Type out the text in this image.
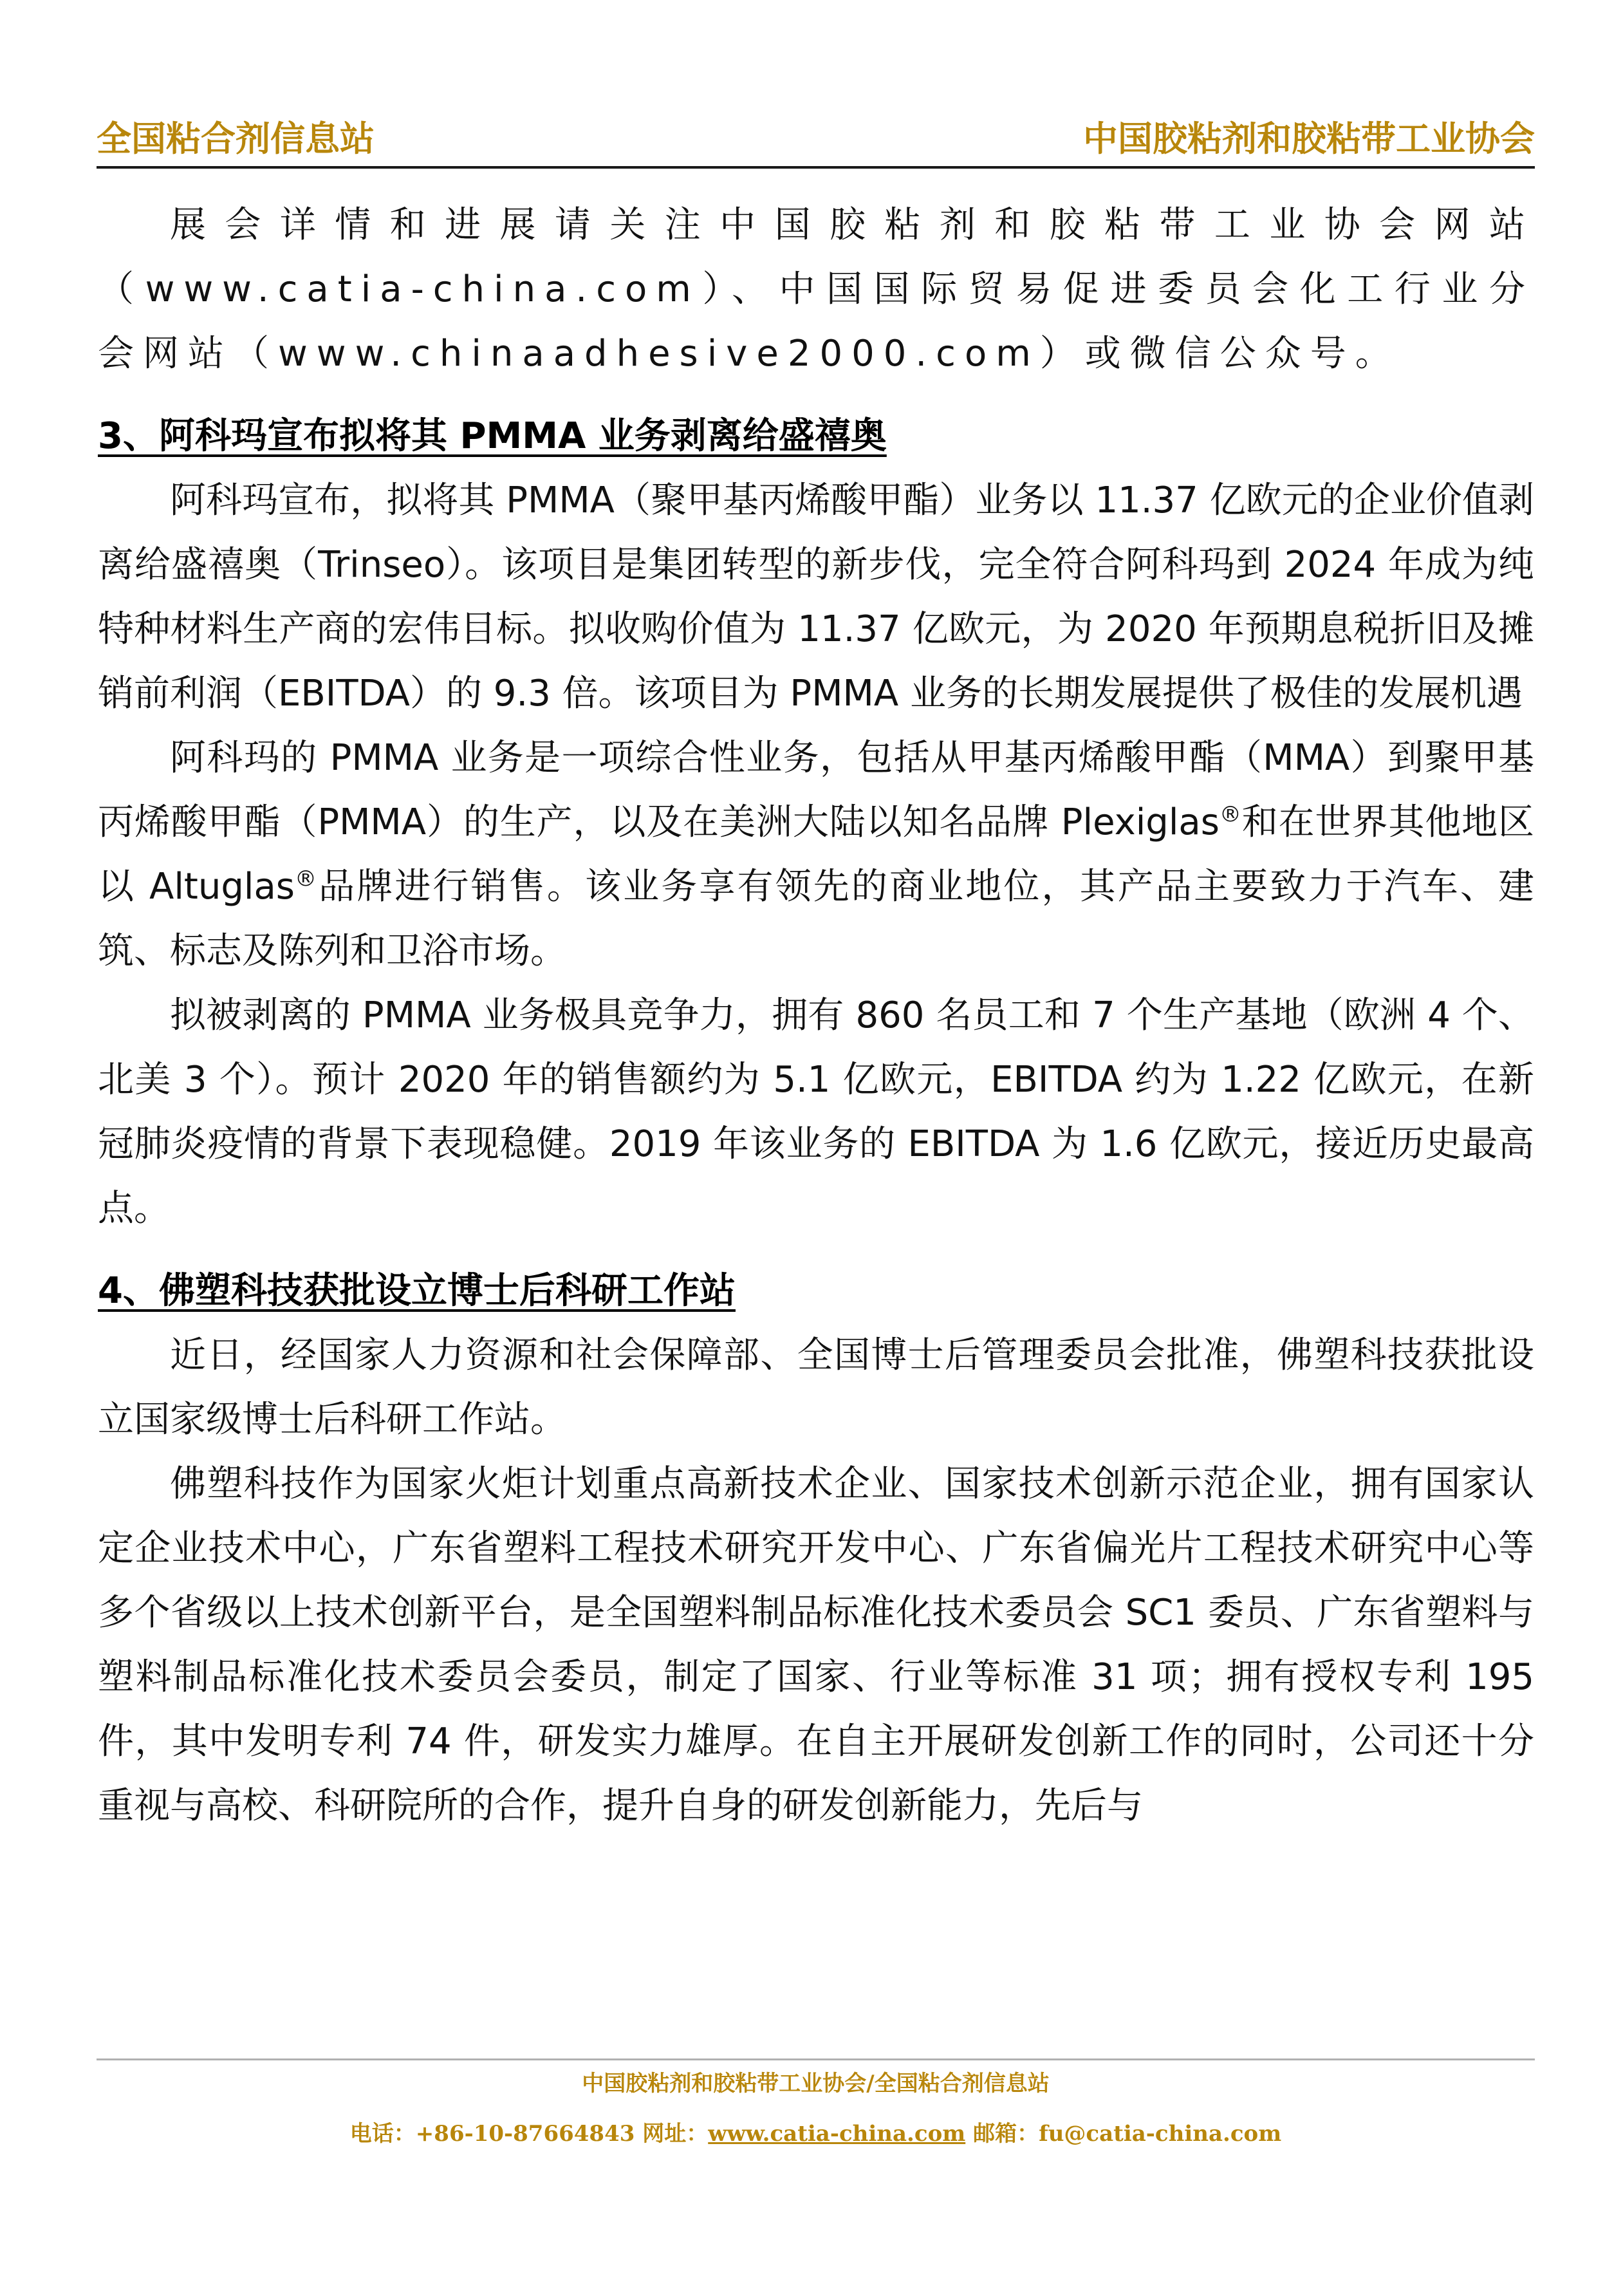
全国粘合剂信息站	中国胶粘剂和胶粘带工业协会

展会详情和进展请关注中国胶粘剂和胶粘带工业协会网站（www.catia-china.com）、中国国际贸易促进委员会化工行业分会网站（www.chinaadhesive2000.com）或微信公众号。

3、阿科玛宣布拟将其 PMMA 业务剥离给盛禧奥

阿科玛宣布，拟将其 PMMA（聚甲基丙烯酸甲酯）业务以 11.37 亿欧元的企业价值剥离给盛禧奥（Trinseo）。该项目是集团转型的新步伐，完全符合阿科玛到 2024 年成为纯特种材料生产商的宏伟目标。拟收购价值为 11.37 亿欧元，为 2020 年预期息税折旧及摊销前利润（EBITDA）的 9.3 倍。该项目为 PMMA 业务的长期发展提供了极佳的发展机遇

阿科玛的 PMMA 业务是一项综合性业务，包括从甲基丙烯酸甲酯（MMA）到聚甲基丙烯酸甲酯（PMMA）的生产，以及在美洲大陆以知名品牌 Plexiglas®和在世界其他地区以 Altuglas®品牌进行销售。该业务享有领先的商业地位，其产品主要致力于汽车、建筑、标志及陈列和卫浴市场。

拟被剥离的 PMMA 业务极具竞争力，拥有 860 名员工和 7 个生产基地（欧洲 4 个、北美 3 个）。预计 2020 年的销售额约为 5.1 亿欧元，EBITDA 约为 1.22 亿欧元，在新冠肺炎疫情的背景下表现稳健。2019 年该业务的 EBITDA 为 1.6 亿欧元，接近历史最高点。

4、佛塑科技获批设立博士后科研工作站

近日，经国家人力资源和社会保障部、全国博士后管理委员会批准，佛塑科技获批设立国家级博士后科研工作站。

佛塑科技作为国家火炬计划重点高新技术企业、国家技术创新示范企业，拥有国家认定企业技术中心，广东省塑料工程技术研究开发中心、广东省偏光片工程技术研究中心等多个省级以上技术创新平台，是全国塑料制品标准化技术委员会 SC1 委员、广东省塑料与塑料制品标准化技术委员会委员，制定了国家、行业等标准 31 项；拥有授权专利 195 件，其中发明专利 74 件，研发实力雄厚。在自主开展研发创新工作的同时，公司还十分重视与高校、科研院所的合作，提升自身的研发创新能力，先后与

中国胶粘剂和胶粘带工业协会/全国粘合剂信息站
电话：+86-10-87664843 网址：www.catia-china.com 邮箱：fu@catia-china.com
